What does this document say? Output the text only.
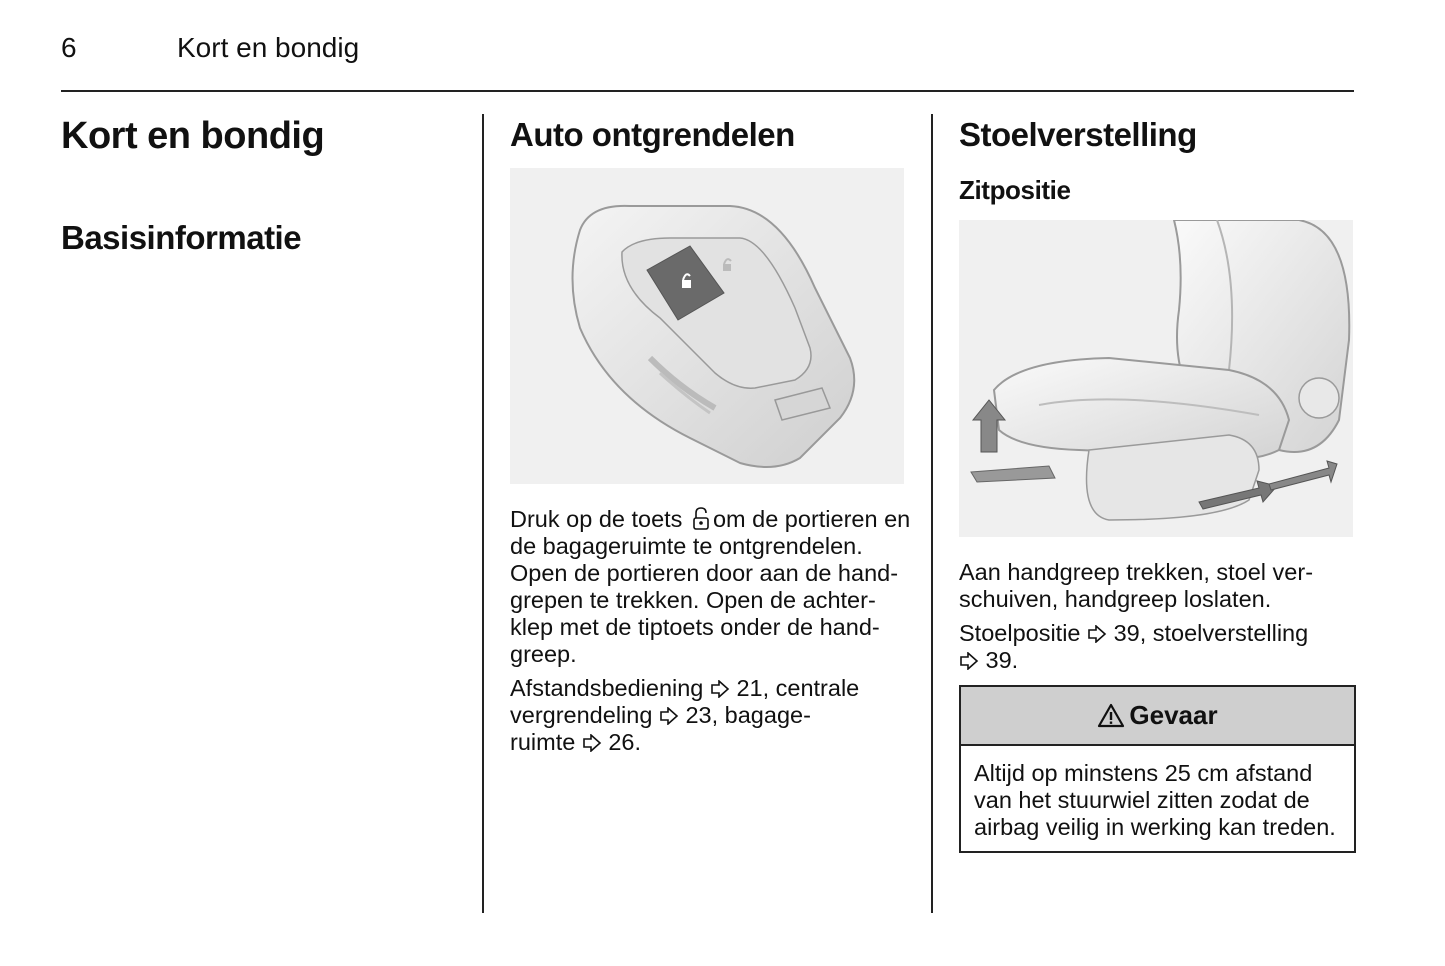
6	Kort en bondig
Kort en bondig
Basisinformatie
Auto ontgrendelen
Druk op de toets om de portieren en
de bagageruimte te ontgrendelen.
Open de portieren door aan de hand-
grepen te trekken. Open de achter-
klep met de tiptoets onder de hand-
greep.
Afstandsbediening 21, centrale
vergrendeling 23, bagage-
ruimte 26.
Stoelverstelling
Zitpositie
Aan handgreep trekken, stoel ver-
schuiven, handgreep loslaten.
Stoelpositie 39, stoelverstelling
39.
Gevaar
Altijd op minstens 25 cm afstand
van het stuurwiel zitten zodat de
airbag veilig in werking kan treden.
